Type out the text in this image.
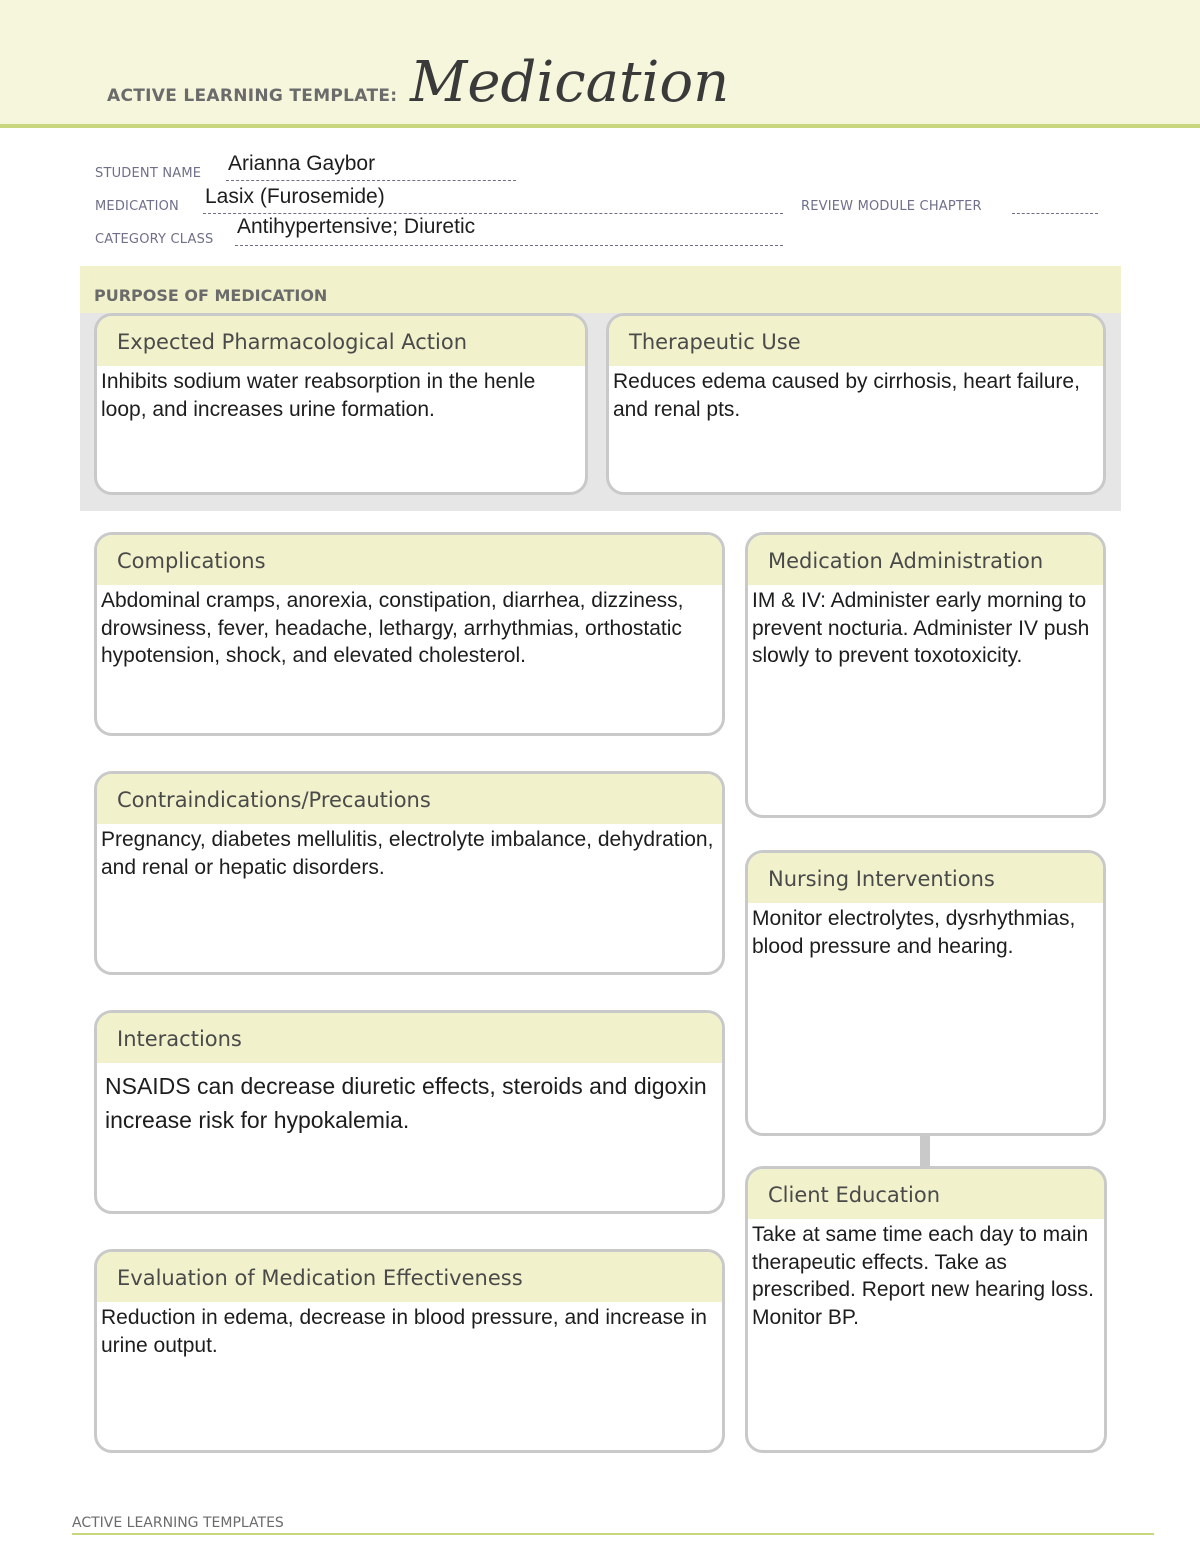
ACTIVE LEARNING TEMPLATE: Medication
STUDENT NAME Arianna Gaybor
MEDICATION Lasix (Furosemide)	REVIEW MODULE CHAPTER
CATEGORY CLASS
Antihypertensive; Diuretic
PURPOSE OF MEDICATION
Expected Pharmacological Action
Inhibits sodium water reabsorption in the henle loop, and increases urine formation.
Therapeutic Use
Reduces edema caused by cirrhosis, heart failure, and renal pts.
Complications
Abdominal cramps, anorexia, constipation, diarrhea, dizziness, drowsiness, fever, headache, lethargy, arrhythmias, orthostatic hypotension, shock, and elevated cholesterol.
Contraindications/Precautions
Pregnancy, diabetes mellulitis, electrolyte imbalance, dehydration, and renal or hepatic disorders.
Interactions
NSAIDS can decrease diuretic effects, steroids and digoxin increase risk for hypokalemia.
Evaluation of Medication Effectiveness
Reduction in edema, decrease in blood pressure, and increase in urine output.
Medication Administration
IM & IV: Administer early morning to prevent nocturia. Administer IV push slowly to prevent toxotoxicity.
Nursing Interventions
Monitor electrolytes, dysrhythmias, blood pressure and hearing.
Client Education
Take at same time each day to main therapeutic effects. Take as prescribed. Report new hearing loss. Monitor BP.
ACTIVE LEARNING TEMPLATES
